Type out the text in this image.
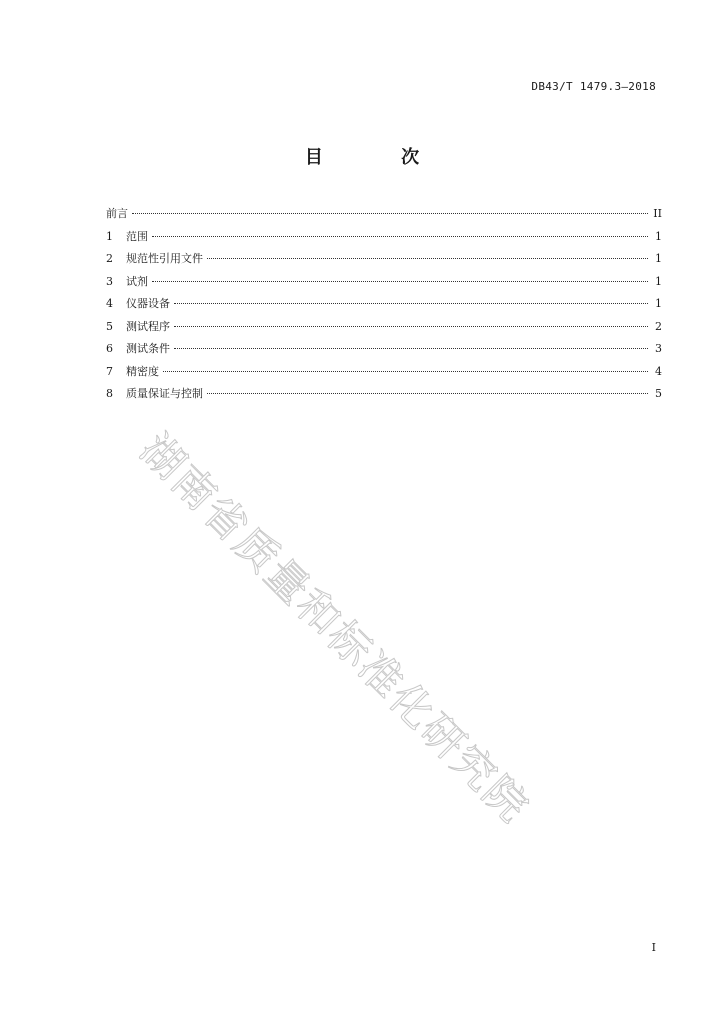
DB43/T 1479.3—2018
目 次
前言	II
1	范围	1
2	规范性引用文件	1
3	试剂	1
4	仪器设备	1
5	测试程序	2
6	测试条件	3
7	精密度	4
8	质量保证与控制	5
湖南省质量和标准化研究院
I
